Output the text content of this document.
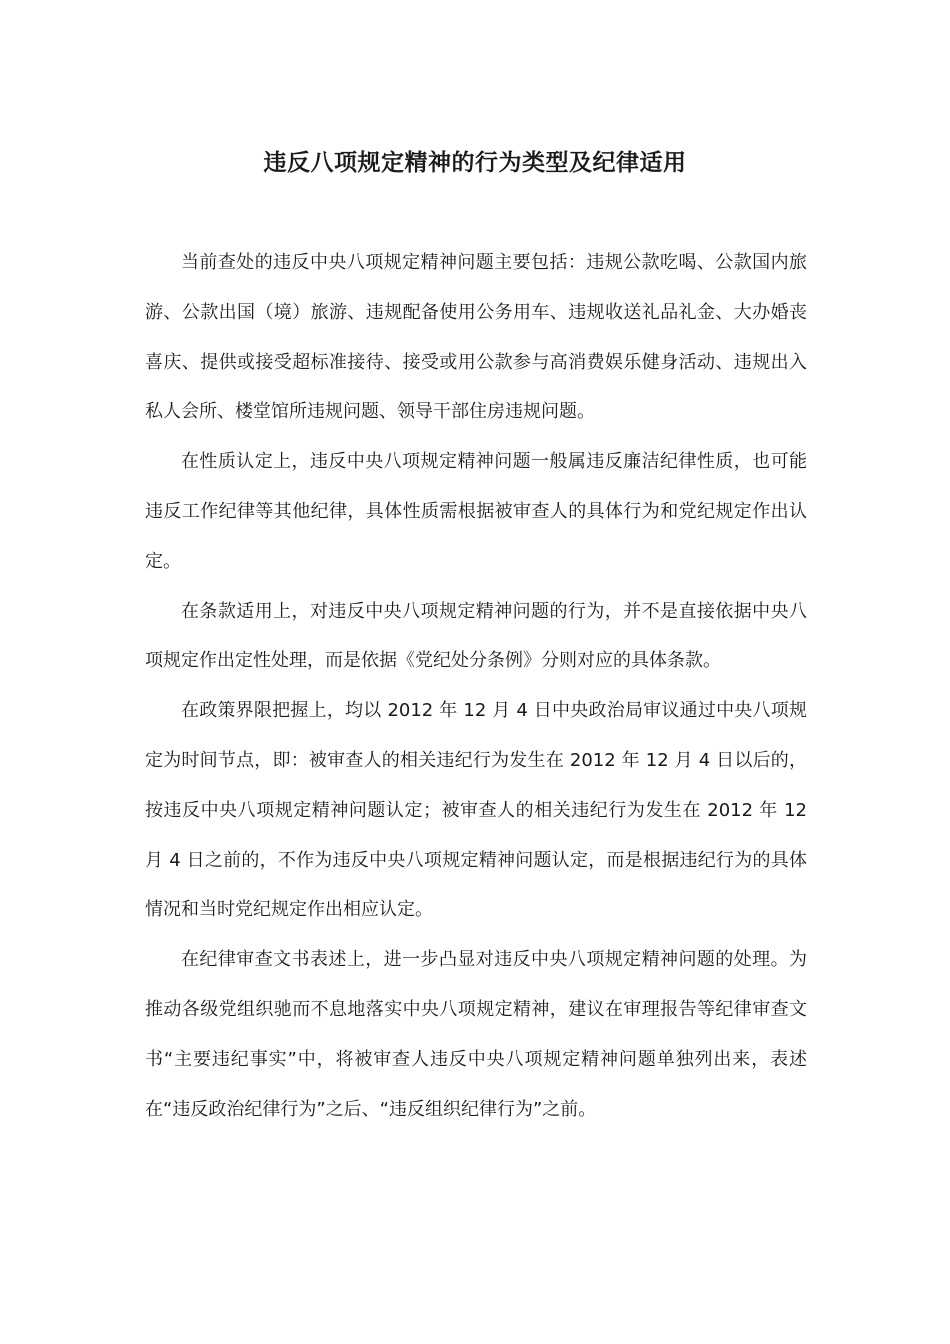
违反八项规定精神的行为类型及纪律适用

当前查处的违反中央八项规定精神问题主要包括：违规公款吃喝、公款国内旅游、公款出国（境）旅游、违规配备使用公务用车、违规收送礼品礼金、大办婚丧喜庆、提供或接受超标准接待、接受或用公款参与高消费娱乐健身活动、违规出入私人会所、楼堂馆所违规问题、领导干部住房违规问题。

在性质认定上，违反中央八项规定精神问题一般属违反廉洁纪律性质，也可能违反工作纪律等其他纪律，具体性质需根据被审查人的具体行为和党纪规定作出认定。

在条款适用上，对违反中央八项规定精神问题的行为，并不是直接依据中央八项规定作出定性处理，而是依据《党纪处分条例》分则对应的具体条款。

在政策界限把握上，均以 2012 年 12 月 4 日中央政治局审议通过中央八项规定为时间节点，即：被审查人的相关违纪行为发生在 2012 年 12 月 4 日以后的，按违反中央八项规定精神问题认定；被审查人的相关违纪行为发生在 2012 年 12 月 4 日之前的，不作为违反中央八项规定精神问题认定，而是根据违纪行为的具体情况和当时党纪规定作出相应认定。

在纪律审查文书表述上，进一步凸显对违反中央八项规定精神问题的处理。为推动各级党组织驰而不息地落实中央八项规定精神，建议在审理报告等纪律审查文书“主要违纪事实”中，将被审查人违反中央八项规定精神问题单独列出来，表述在“违反政治纪律行为”之后、“违反组织纪律行为”之前。
